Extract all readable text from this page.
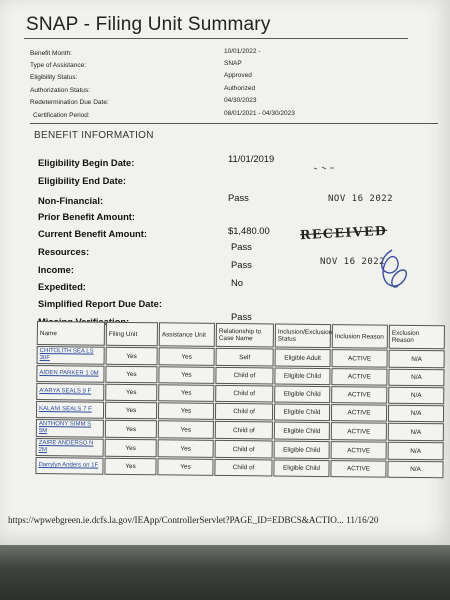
SNAP - Filing Unit Summary
Benefit Month:	10/01/2022 -
Type of Assistance:	SNAP
Eligibility Status:	Approved
Authorization Status:	Authorized
Redetermination Due Date:	04/30/2023
Certification Period:	08/01/2021 - 04/30/2023
BENEFIT INFORMATION
Eligibility Begin Date:	11/01/2019
Eligibility End Date:
Non-Financial:	Pass
Prior Benefit Amount:
Current Benefit Amount:	$1,480.00
Resources:	Pass
Income:	Pass
Expedited:	No
Simplified Report Due Date:
Pass
NOV 16 2022
RECEIVED
NOV 16 2022
Name	Filing Unit	Assistance Unit	Relationship to Case Name	Inclusion/Exclusion Status	Inclusion Reason	Exclusion Reason
CHITOLITH SEA LS 30F	Yes	Yes	Self	Eligible Adult	ACTIVE	N/A
AIDEN PARKER 1 0M	Yes	Yes	Child of	Eligible Child	ACTIVE	N/A
A'ARYA SEALS 9 F	Yes	Yes	Child of	Eligible Child	ACTIVE	N/A
KALANI SEALS 7 F	Yes	Yes	Child of	Eligible Child	ACTIVE	N/A
ANTHONY SIMM S 5M	Yes	Yes	Child of	Eligible Child	ACTIVE	N/A
ZAIRE ANDERSO N 2M	Yes	Yes	Child of	Eligible Child	ACTIVE	N/A
Darrylyn Anders on 1F	Yes	Yes	Child of	Eligible Child	ACTIVE	N/A
https://wpwebgreen.ie.dcfs.la.gov/IEApp/ControllerServlet?PAGE_ID=EDBCS&ACTIO... 11/16/20
